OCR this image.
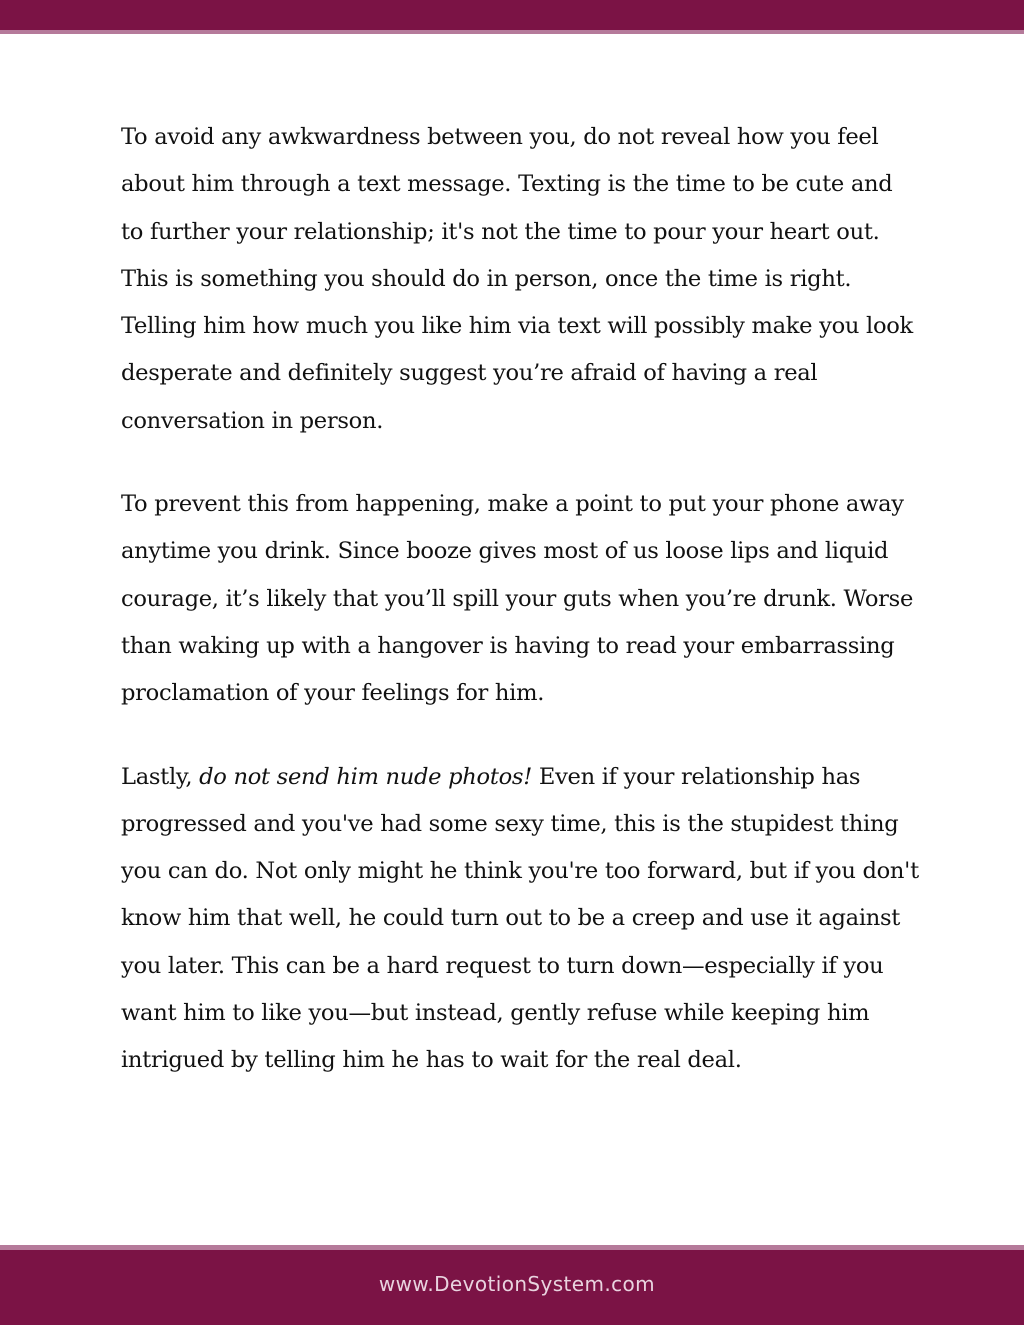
To avoid any awkwardness between you, do not reveal how you feel about him through a text message. Texting is the time to be cute and to further your relationship; it's not the time to pour your heart out. This is something you should do in person, once the time is right. Telling him how much you like him via text will possibly make you look desperate and definitely suggest you’re afraid of having a real conversation in person.

To prevent this from happening, make a point to put your phone away anytime you drink. Since booze gives most of us loose lips and liquid courage, it’s likely that you’ll spill your guts when you’re drunk. Worse than waking up with a hangover is having to read your embarrassing proclamation of your feelings for him.

Lastly, do not send him nude photos! Even if your relationship has progressed and you've had some sexy time, this is the stupidest thing you can do. Not only might he think you're too forward, but if you don't know him that well, he could turn out to be a creep and use it against you later. This can be a hard request to turn down—especially if you want him to like you—but instead, gently refuse while keeping him intrigued by telling him he has to wait for the real deal.

www.DevotionSystem.com
